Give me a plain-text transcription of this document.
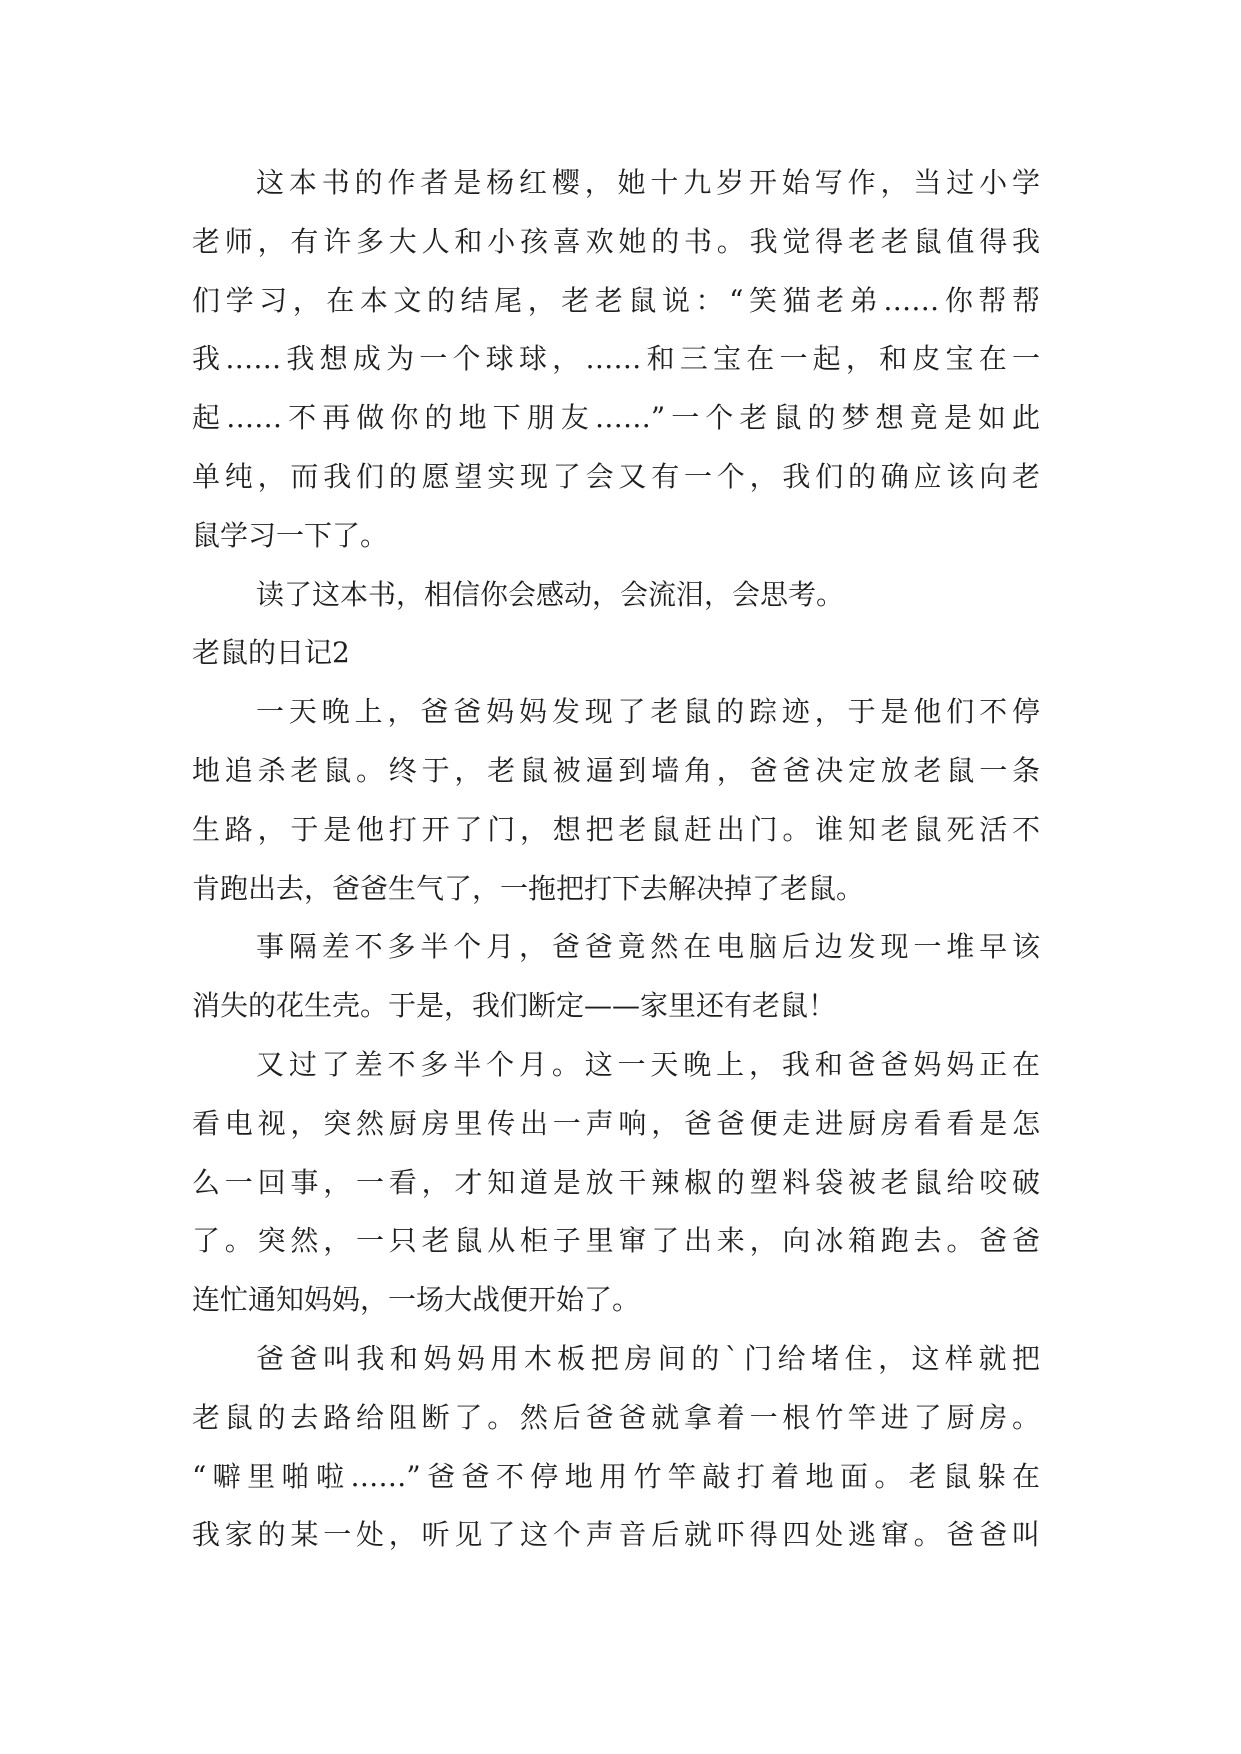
这本书的作者是杨红樱，她十九岁开始写作，当过小学
老师，有许多大人和小孩喜欢她的书。我觉得老老鼠值得我
们学习，在本文的结尾，老老鼠说：“笑猫老弟……你帮帮
我……我想成为一个球球，……和三宝在一起，和皮宝在一
起……不再做你的地下朋友……”一个老鼠的梦想竟是如此
单纯，而我们的愿望实现了会又有一个，我们的确应该向老
鼠学习一下了。
读了这本书，相信你会感动，会流泪，会思考。
老鼠的日记2
一天晚上，爸爸妈妈发现了老鼠的踪迹，于是他们不停
地追杀老鼠。终于，老鼠被逼到墙角，爸爸决定放老鼠一条
生路，于是他打开了门，想把老鼠赶出门。谁知老鼠死活不
肯跑出去，爸爸生气了，一拖把打下去解决掉了老鼠。
事隔差不多半个月，爸爸竟然在电脑后边发现一堆早该
消失的花生壳。于是，我们断定——家里还有老鼠！
又过了差不多半个月。这一天晚上，我和爸爸妈妈正在
看电视，突然厨房里传出一声响，爸爸便走进厨房看看是怎
么一回事，一看，才知道是放干辣椒的塑料袋被老鼠给咬破
了。突然，一只老鼠从柜子里窜了出来，向冰箱跑去。爸爸
连忙通知妈妈，一场大战便开始了。
爸爸叫我和妈妈用木板把房间的`门给堵住，这样就把
老鼠的去路给阻断了。然后爸爸就拿着一根竹竿进了厨房。
“噼里啪啦……”爸爸不停地用竹竿敲打着地面。老鼠躲在
我家的某一处，听见了这个声音后就吓得四处逃窜。爸爸叫
